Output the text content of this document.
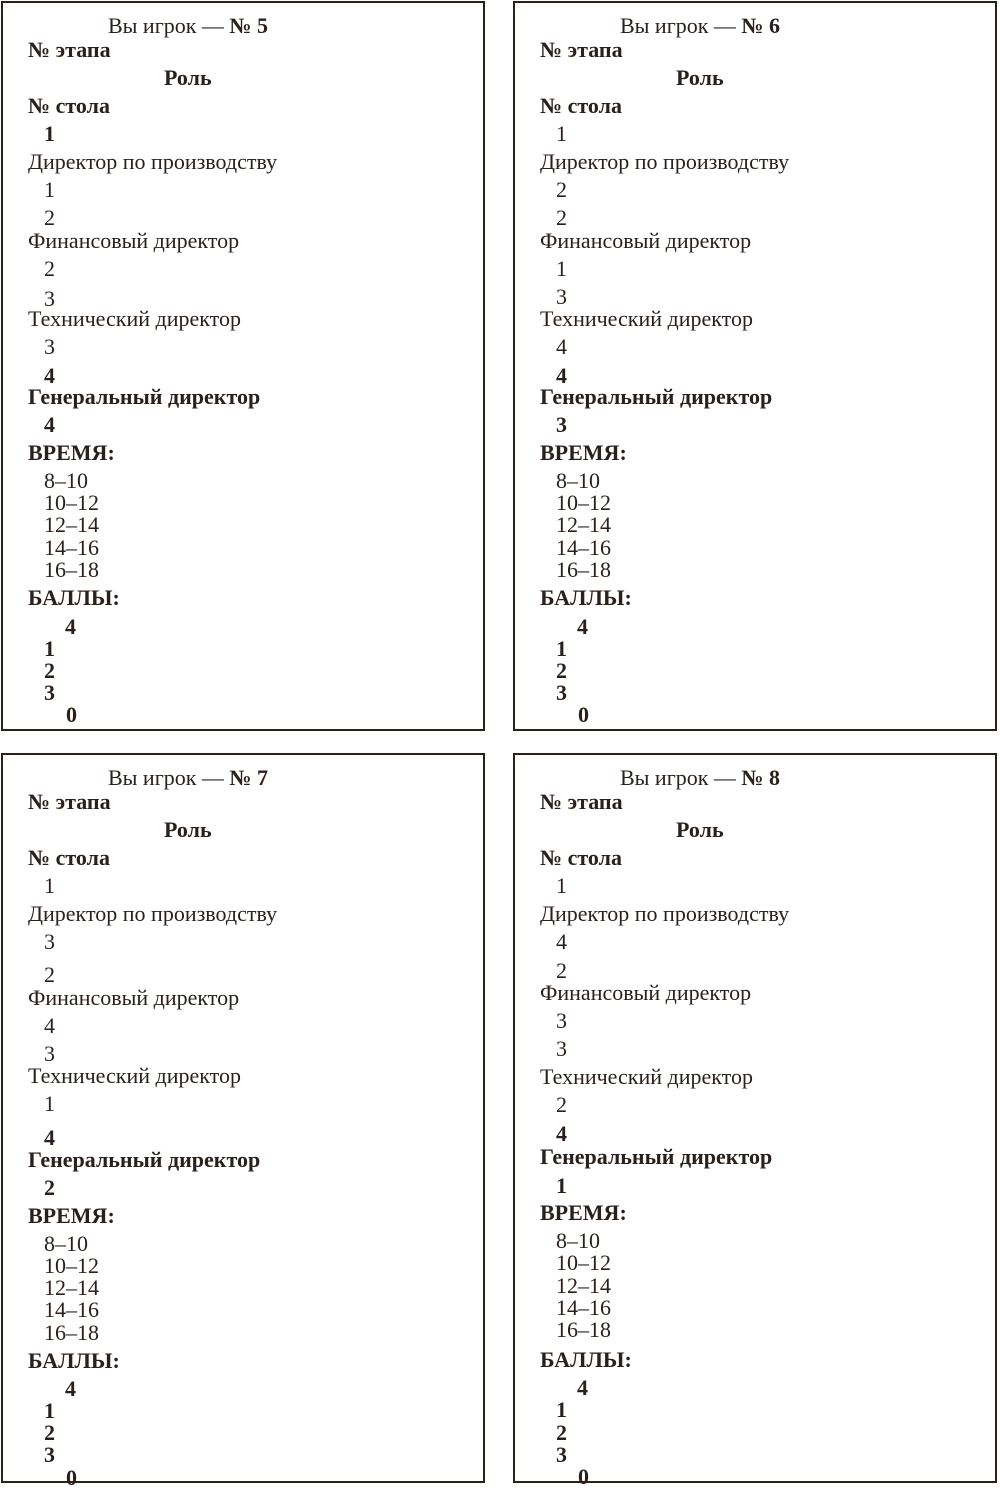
Вы игрок — № 5
№ этапа
Роль
№ стола
1
Директор по производству
1
2
Финансовый директор
2
3
Технический директор
3
4
Генеральный директор
4
ВРЕМЯ:
8–10
10–12
12–14
14–16
16–18
БАЛЛЫ:
4
1
2
3
0
Вы игрок — № 6
№ этапа
Роль
№ стола
1
Директор по производству
2
2
Финансовый директор
1
3
Технический директор
4
4
Генеральный директор
3
ВРЕМЯ:
8–10
10–12
12–14
14–16
16–18
БАЛЛЫ:
4
1
2
3
0
Вы игрок — № 7
№ этапа
Роль
№ стола
1
Директор по производству
3
2
Финансовый директор
4
3
Технический директор
1
4
Генеральный директор
2
ВРЕМЯ:
8–10
10–12
12–14
14–16
16–18
БАЛЛЫ:
4
1
2
3
0
Вы игрок — № 8
№ этапа
Роль
№ стола
1
Директор по производству
4
2
Финансовый директор
3
3
Технический директор
2
4
Генеральный директор
1
ВРЕМЯ:
8–10
10–12
12–14
14–16
16–18
БАЛЛЫ:
4
1
2
3
0
